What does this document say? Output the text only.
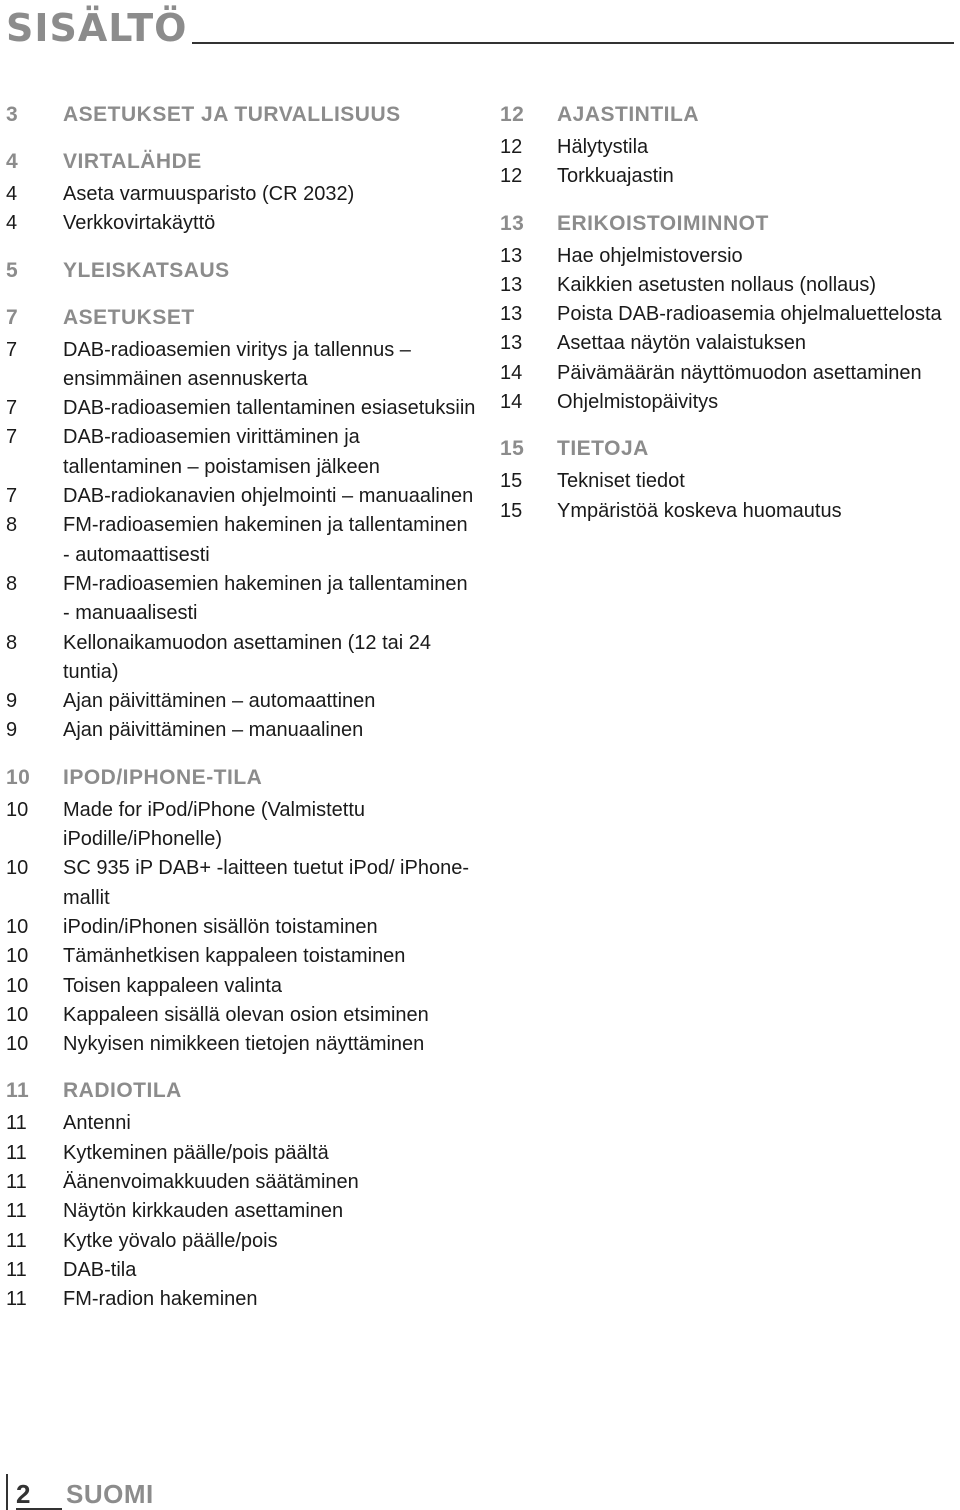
SISÄLTÖ
3	ASETUKSET JA TURVALLISUUS
4	VIRTALÄHDE
4	Aseta varmuusparisto (CR 2032)
4	Verkkovirtakäyttö
5	YLEISKATSAUS
7	ASETUKSET
7	DAB-radioasemien viritys ja tallennus – ensimmäinen asennuskerta
7	DAB-radioasemien tallentaminen esiasetuksiin
7	DAB-radioasemien virittäminen ja tallentaminen – poistamisen jälkeen
7	DAB-radiokanavien ohjelmointi – manuaalinen
8	FM-radioasemien hakeminen ja tallentaminen - automaattisesti
8	FM-radioasemien hakeminen ja tallentaminen - manuaalisesti
8	Kellonaikamuodon asettaminen (12 tai 24 tuntia)
9	Ajan päivittäminen – automaattinen
9	Ajan päivittäminen – manuaalinen
10	IPOD/IPHONE-TILA
10	Made for iPod/iPhone (Valmistettu iPodille/iPhonelle)
10	SC 935 iP DAB+ -laitteen tuetut iPod/ iPhone-mallit
10	iPodin/iPhonen sisällön toistaminen
10	Tämänhetkisen kappaleen toistaminen
10	Toisen kappaleen valinta
10	Kappaleen sisällä olevan osion etsiminen
10	Nykyisen nimikkeen tietojen näyttäminen
11	RADIOTILA
11	Antenni
11	Kytkeminen päälle/pois päältä
11	Äänenvoimakkuuden säätäminen
11	Näytön kirkkauden asettaminen
11	Kytke yövalo päälle/pois
11	DAB-tila
11	FM-radion hakeminen
12	AJASTINTILA
12	Hälytystila
12	Torkkuajastin
13	ERIKOISTOIMINNOT
13	Hae ohjelmistoversio
13	Kaikkien asetusten nollaus (nollaus)
13	Poista DAB-radioasemia ohjelmaluettelosta
13	Asettaa näytön valaistuksen
14	Päivämäärän näyttömuodon asettaminen
14	Ohjelmistopäivitys
15	TIETOJA
15	Tekniset tiedot
15	Ympäristöä koskeva huomautus
2 SUOMI
